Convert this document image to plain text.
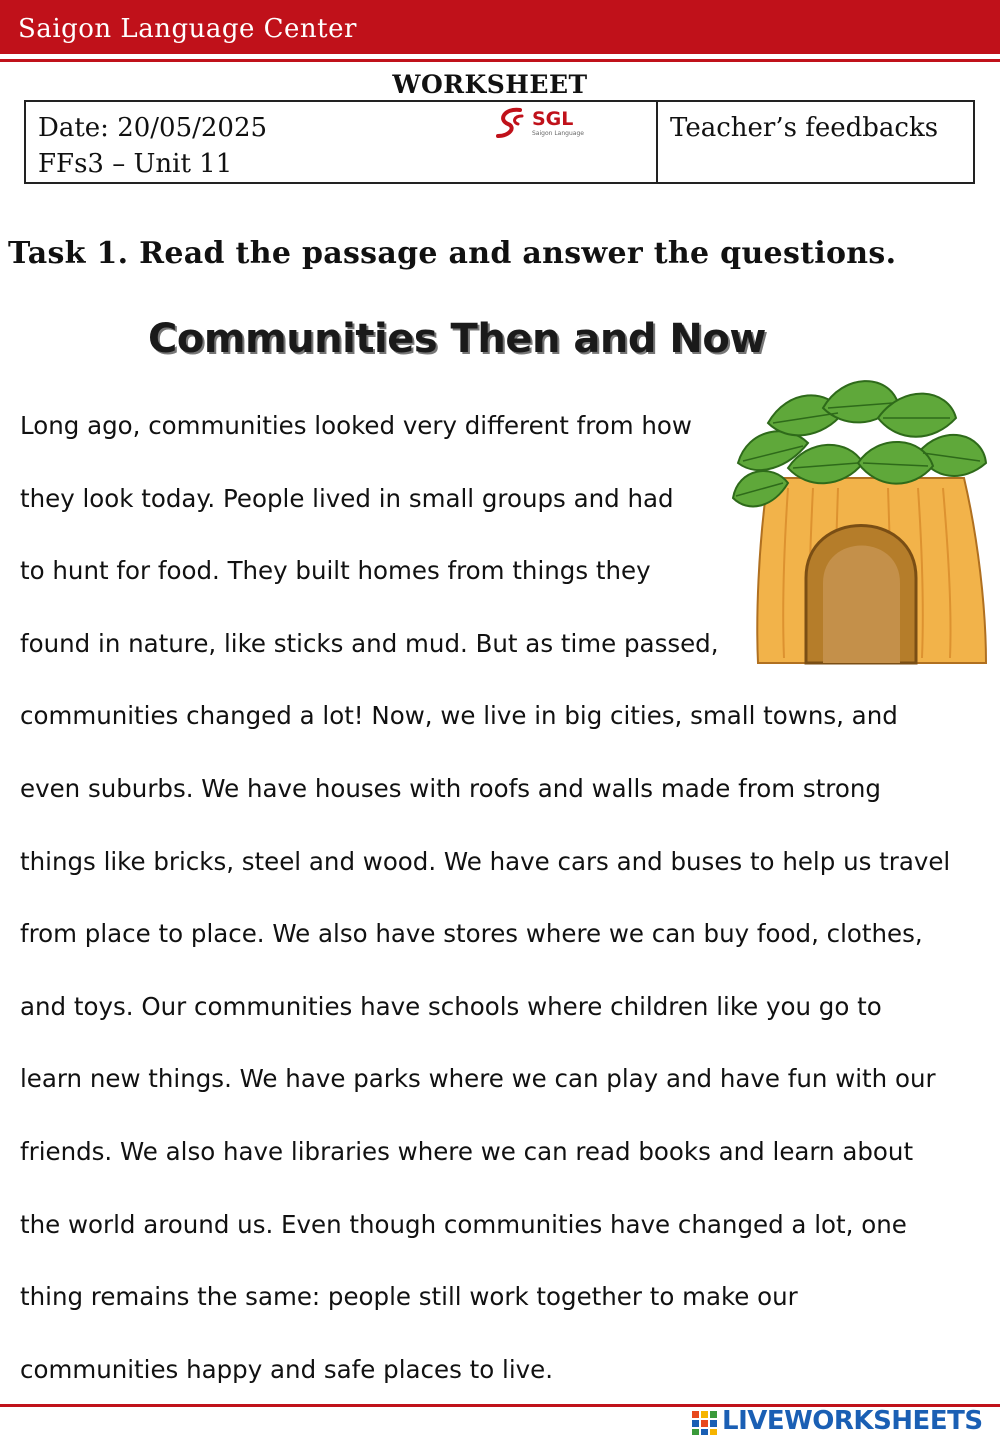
Saigon Language Center
WORKSHEET
Date: 20/05/2025
FFs3 – Unit 11
SGL
Saigon Language	Teacher’s feedbacks
Task 1. Read the passage and answer the questions.
Communities Then and Now
Long ago, communities looked very different from how
they look today. People lived in small groups and had
to hunt for food. They built homes from things they
found in nature, like sticks and mud. But as time passed,
communities changed a lot! Now, we live in big cities, small towns, and
even suburbs. We have houses with roofs and walls made from strong
things like bricks, steel and wood. We have cars and buses to help us travel
from place to place. We also have stores where we can buy food, clothes,
and toys. Our communities have schools where children like you go to
learn new things. We have parks where we can play and have fun with our
friends. We also have libraries where we can read books and learn about
the world around us. Even though communities have changed a lot, one
thing remains the same: people still work together to make our
communities happy and safe places to live.
LIVEWORKSHEETS
